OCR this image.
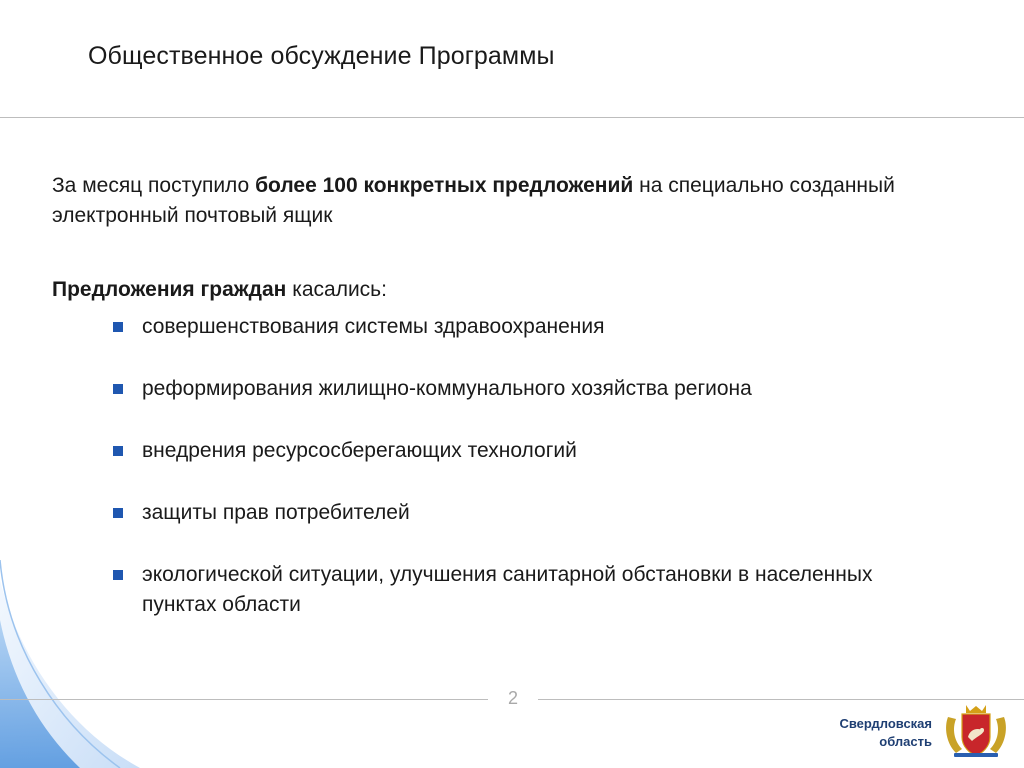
Общественное обсуждение Программы
За месяц поступило более 100 конкретных предложений на специально созданный электронный почтовый ящик
Предложения граждан касались:
совершенствования системы здравоохранения
реформирования жилищно-коммунального хозяйства региона
внедрения ресурсосберегающих технологий
защиты прав потребителей
экологической ситуации, улучшения санитарной обстановки в населенных пунктах области
2
Свердловская
область
